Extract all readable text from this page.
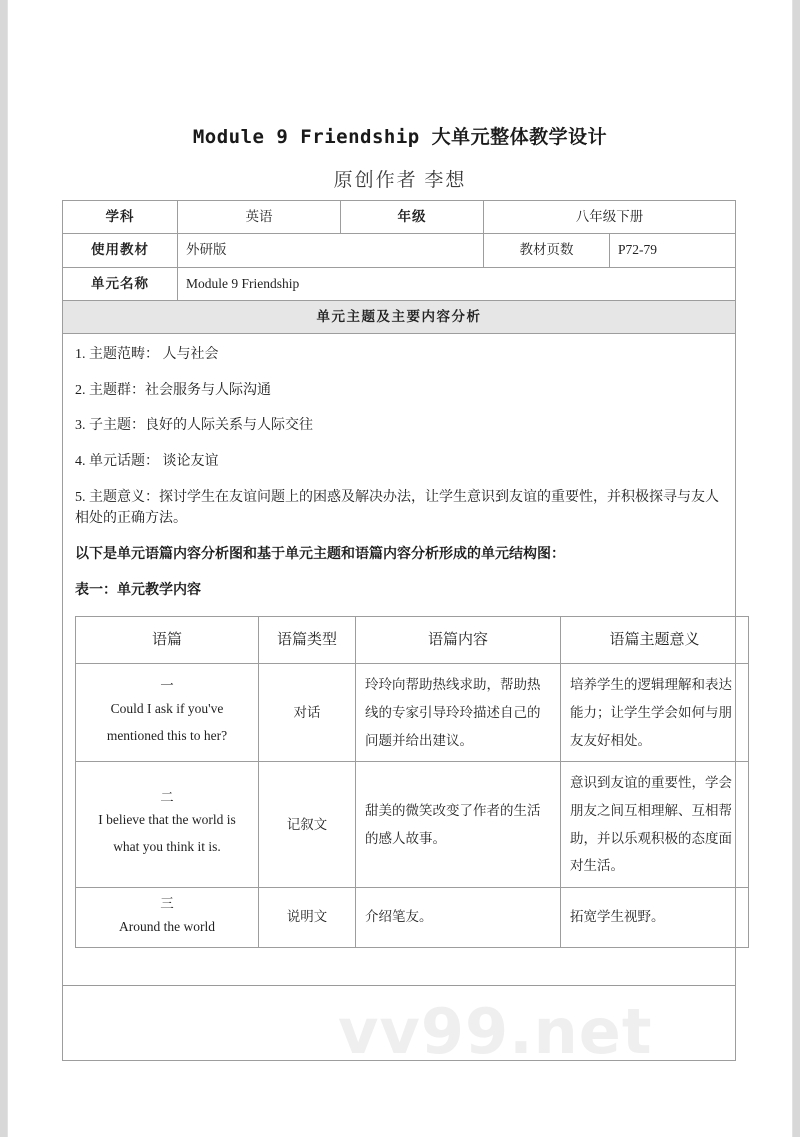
vv99.net
Module 9 Friendship 大单元整体教学设计
原创作者 李想
学科	英语	年级	八年级下册	
使用教材	外研版		教材页数	P72-79
单元名称	Module 9 Friendship			
单元主题及主要内容分析				

1. 主题范畴： 人与社会

2. 主题群：社会服务与人际沟通

3. 子主题：良好的人际关系与人际交往

4. 单元话题： 谈论友谊

5. 主题意义：探讨学生在友谊问题上的困惑及解决办法，让学生意识到友谊的重要性，并积极探寻与友人相处的正确方法。

以下是单元语篇内容分析图和基于单元主题和语篇内容分析形成的单元结构图：

表一：单元教学内容

语篇	语篇类型	语篇内容	语篇主题意义

一
Could I ask if you've mentioned this to her?	对话	玲玲向帮助热线求助，帮助热线的专家引导玲玲描述自己的问题并给出建议。	培养学生的逻辑理解和表达能力；让学生学会如何与朋友友好相处。

二
I believe that the world is what you think it is.	记叙文	甜美的微笑改变了作者的生活的感人故事。	意识到友谊的重要性，学会朋友之间互相理解、互相帮助，并以乐观积极的态度面对生活。

三
Around the world	说明文	介绍笔友。	拓宽学生视野。
